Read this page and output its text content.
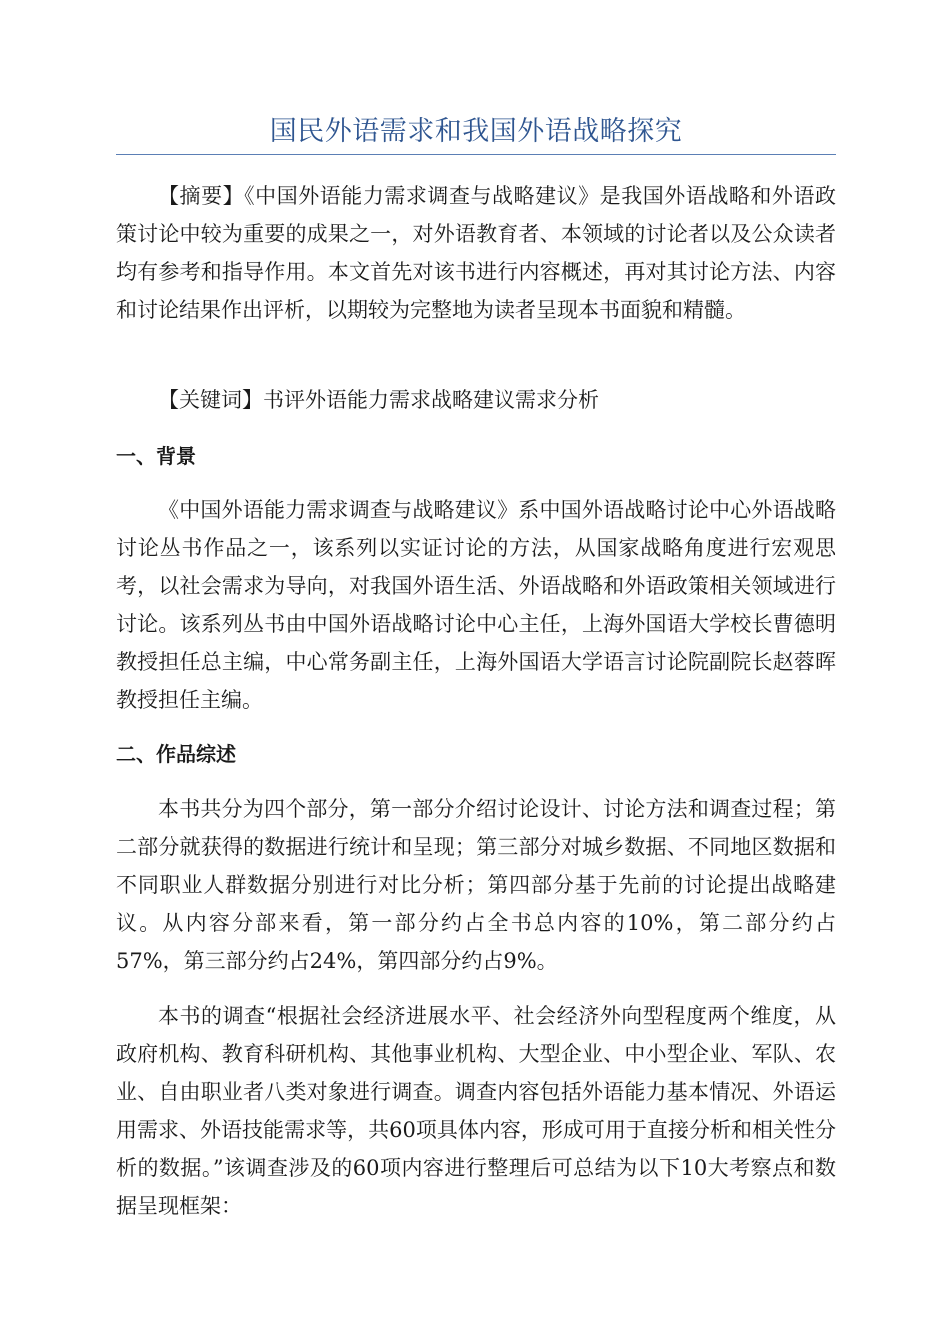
国民外语需求和我国外语战略探究

【摘要】《中国外语能力需求调查与战略建议》是我国外语战略和外语政策讨论中较为重要的成果之一，对外语教育者、本领域的讨论者以及公众读者均有参考和指导作用。本文首先对该书进行内容概述，再对其讨论方法、内容和讨论结果作出评析，以期较为完整地为读者呈现本书面貌和精髓。

【关键词】书评外语能力需求战略建议需求分析

一、背景

《中国外语能力需求调查与战略建议》系中国外语战略讨论中心外语战略讨论丛书作品之一，该系列以实证讨论的方法，从国家战略角度进行宏观思考，以社会需求为导向，对我国外语生活、外语战略和外语政策相关领域进行讨论。该系列丛书由中国外语战略讨论中心主任，上海外国语大学校长曹德明教授担任总主编，中心常务副主任，上海外国语大学语言讨论院副院长赵蓉晖教授担任主编。

二、作品综述

本书共分为四个部分，第一部分介绍讨论设计、讨论方法和调查过程；第二部分就获得的数据进行统计和呈现；第三部分对城乡数据、不同地区数据和不同职业人群数据分别进行对比分析；第四部分基于先前的讨论提出战略建议。从内容分部来看，第一部分约占全书总内容的10%，第二部分约占57%，第三部分约占24%，第四部分约占9%。

本书的调查“根据社会经济进展水平、社会经济外向型程度两个维度，从政府机构、教育科研机构、其他事业机构、大型企业、中小型企业、军队、农业、自由职业者八类对象进行调查。调查内容包括外语能力基本情况、外语运用需求、外语技能需求等，共60项具体内容，形成可用于直接分析和相关性分析的数据。”该调查涉及的60项内容进行整理后可总结为以下10大考察点和数据呈现框架：
